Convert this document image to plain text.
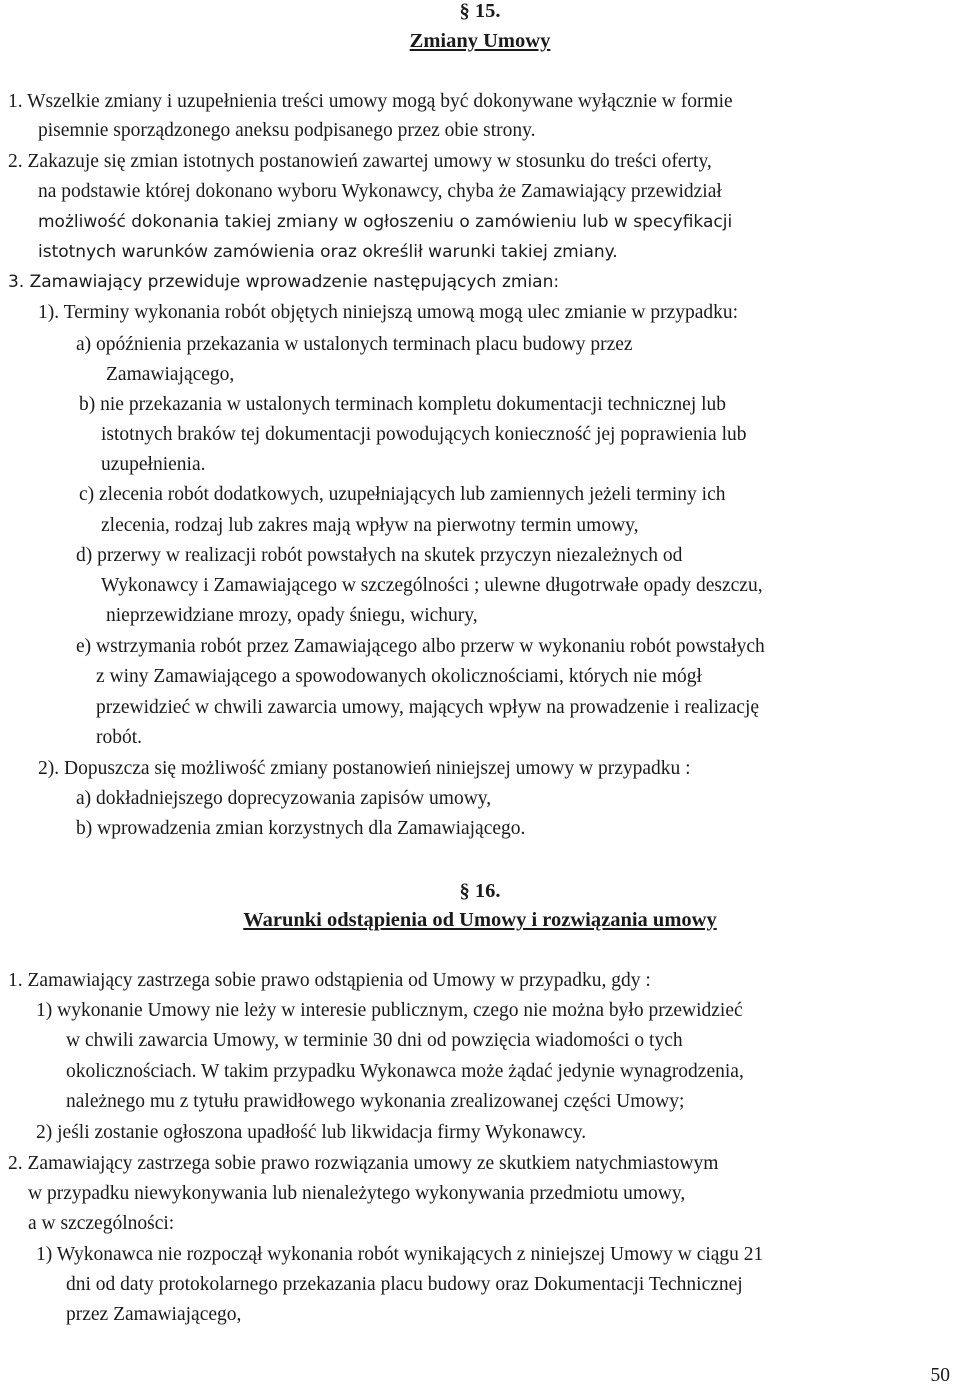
§ 15.
Zmiany Umowy
1. Wszelkie zmiany i uzupełnienia treści umowy mogą być dokonywane wyłącznie w formie
pisemnie sporządzonego aneksu podpisanego przez obie strony.
2. Zakazuje się zmian istotnych postanowień zawartej umowy w stosunku do treści oferty,
na podstawie której dokonano wyboru Wykonawcy, chyba że Zamawiający przewidział
możliwość dokonania takiej zmiany w ogłoszeniu o zamówieniu lub w specyfikacji
istotnych warunków zamówienia oraz określił warunki takiej zmiany.
3. Zamawiający przewiduje wprowadzenie następujących zmian:
1). Terminy wykonania robót objętych niniejszą umową mogą ulec zmianie w przypadku:
a) opóźnienia przekazania w ustalonych terminach placu budowy przez
Zamawiającego,
b) nie przekazania w ustalonych terminach kompletu dokumentacji technicznej lub
istotnych braków tej dokumentacji powodujących konieczność jej poprawienia lub
uzupełnienia.
c) zlecenia robót dodatkowych, uzupełniających lub zamiennych jeżeli terminy ich
zlecenia, rodzaj lub zakres mają wpływ na pierwotny termin umowy,
d) przerwy w realizacji robót powstałych na skutek przyczyn niezależnych od
Wykonawcy i Zamawiającego w szczególności ; ulewne długotrwałe opady deszczu,
nieprzewidziane mrozy, opady śniegu, wichury,
e) wstrzymania robót przez Zamawiającego albo przerw w wykonaniu robót powstałych
z winy Zamawiającego a spowodowanych okolicznościami, których nie mógł
przewidzieć w chwili zawarcia umowy, mających wpływ na prowadzenie i realizację
robót.
2). Dopuszcza się możliwość zmiany postanowień niniejszej umowy w przypadku :
a) dokładniejszego doprecyzowania zapisów umowy,
b) wprowadzenia zmian korzystnych dla Zamawiającego.
§ 16.
Warunki odstąpienia od Umowy i rozwiązania umowy
1. Zamawiający zastrzega sobie prawo odstąpienia od Umowy w przypadku, gdy :
1) wykonanie Umowy nie leży w interesie publicznym, czego nie można było przewidzieć
w chwili zawarcia Umowy, w terminie 30 dni od powzięcia wiadomości o tych
okolicznościach. W takim przypadku Wykonawca może żądać jedynie wynagrodzenia,
należnego mu z tytułu prawidłowego wykonania zrealizowanej części Umowy;
2) jeśli zostanie ogłoszona upadłość lub likwidacja firmy Wykonawcy.
2. Zamawiający zastrzega sobie prawo rozwiązania umowy ze skutkiem natychmiastowym
w przypadku niewykonywania lub nienależytego wykonywania przedmiotu umowy,
a w szczególności:
1) Wykonawca nie rozpoczął wykonania robót wynikających z niniejszej Umowy w ciągu 21
dni od daty protokolarnego przekazania placu budowy oraz Dokumentacji Technicznej
przez Zamawiającego,
50
